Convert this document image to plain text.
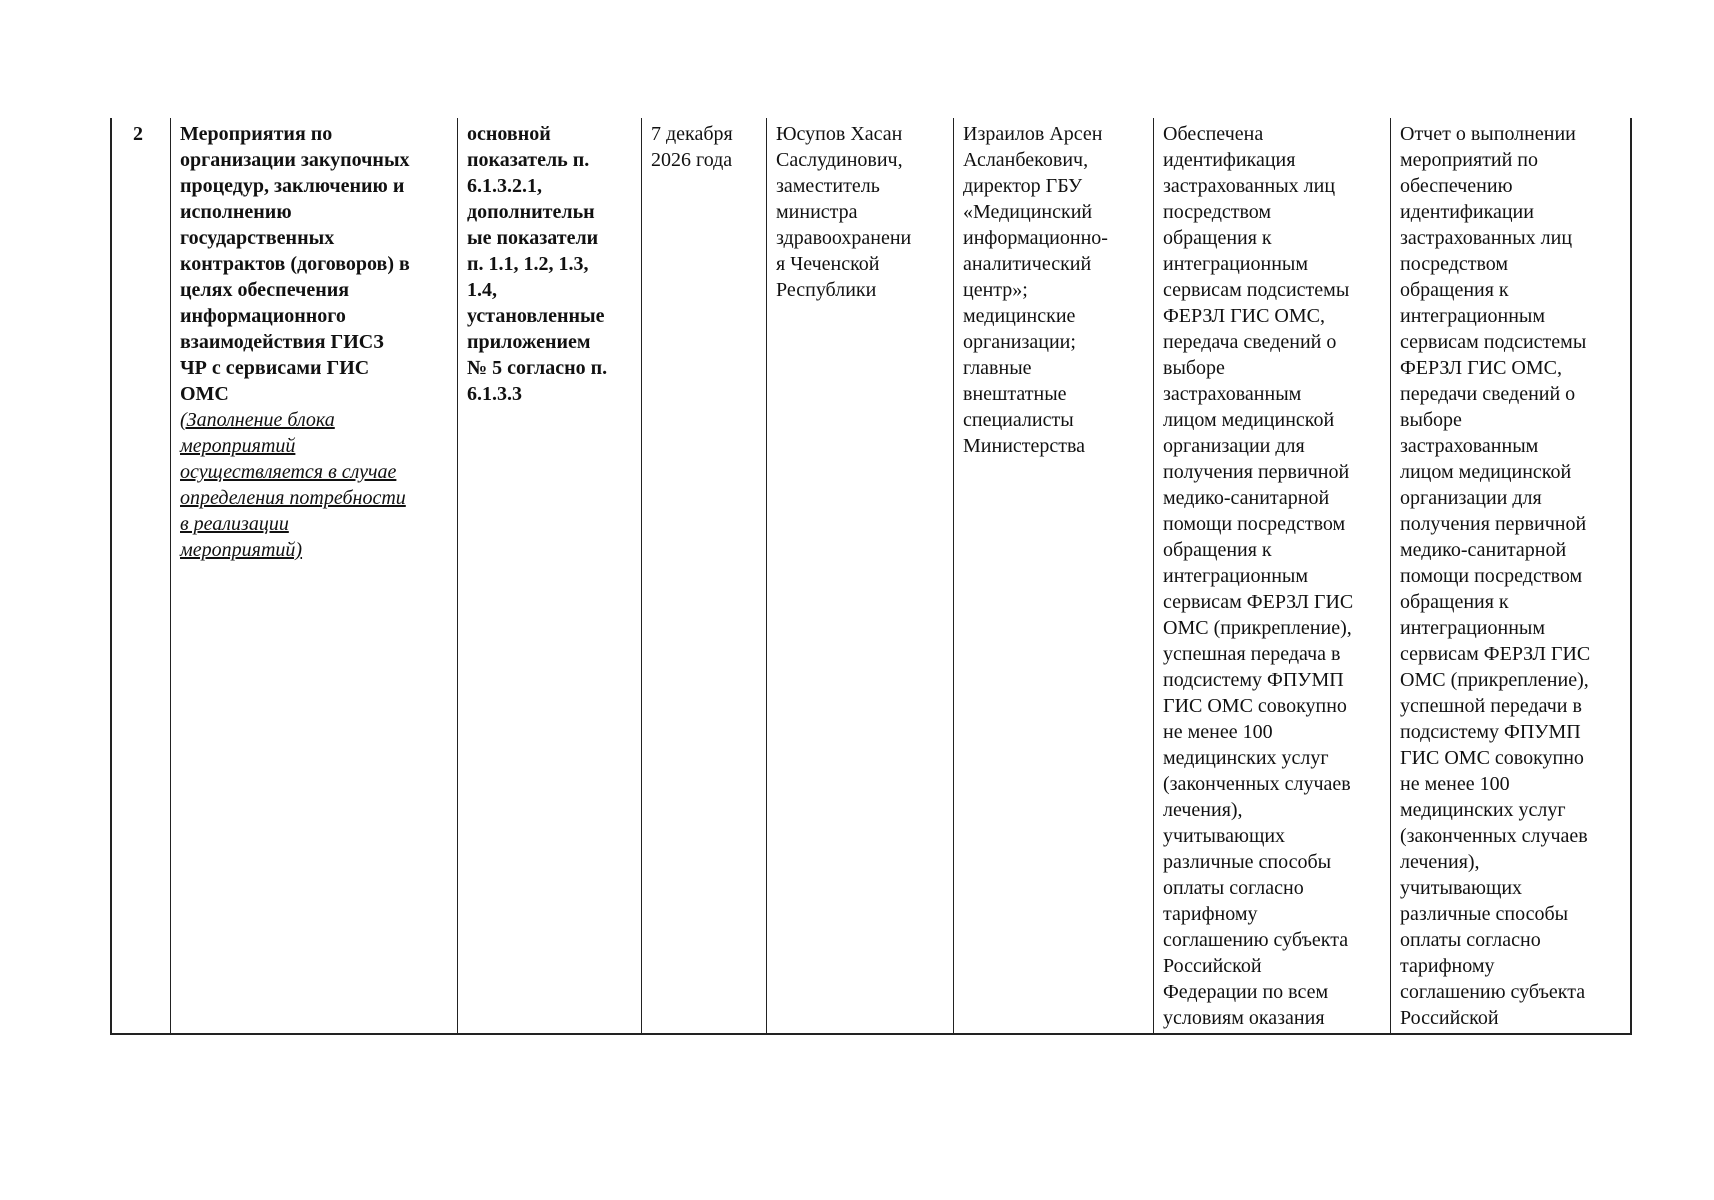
2	Мероприятия по
организации закупочных
процедур, заключению и
исполнению
государственных
контрактов (договоров) в
целях обеспечения
информационного
взаимодействия ГИСЗ
ЧР с сервисами ГИС
ОМС
(Заполнение блока
мероприятий
осуществляется в случае
определения потребности
в реализации
мероприятий)
основной
показатель п.
6.1.3.2.1,
дополнительн
ые показатели
п. 1.1, 1.2, 1.3,
1.4,
установленные
приложением
№ 5 согласно п.
6.1.3.3
7 декабря
2026 года
Юсупов Хасан
Саслудинович,
заместитель
министра
здравоохранени
я Чеченской
Республики
Израилов Арсен
Асланбекович,
директор ГБУ
«Медицинский
информационно-
аналитический
центр»;
медицинские
организации;
главные
внештатные
специалисты
Министерства
Обеспечена
идентификация
застрахованных лиц
посредством
обращения к
интеграционным
сервисам подсистемы
ФЕРЗЛ ГИС ОМС,
передача сведений о
выборе
застрахованным
лицом медицинской
организации для
получения первичной
медико-санитарной
помощи посредством
обращения к
интеграционным
сервисам ФЕРЗЛ ГИС
ОМС (прикрепление),
успешная передача в
подсистему ФПУМП
ГИС ОМС совокупно
не менее 100
медицинских услуг
(законченных случаев
лечения),
учитывающих
различные способы
оплаты согласно
тарифному
соглашению субъекта
Российской
Федерации по всем
условиям оказания
Отчет о выполнении
мероприятий по
обеспечению
идентификации
застрахованных лиц
посредством
обращения к
интеграционным
сервисам подсистемы
ФЕРЗЛ ГИС ОМС,
передачи сведений о
выборе
застрахованным
лицом медицинской
организации для
получения первичной
медико-санитарной
помощи посредством
обращения к
интеграционным
сервисам ФЕРЗЛ ГИС
ОМС (прикрепление),
успешной передачи в
подсистему ФПУМП
ГИС ОМС совокупно
не менее 100
медицинских услуг
(законченных случаев
лечения),
учитывающих
различные способы
оплаты согласно
тарифному
соглашению субъекта
Российской
